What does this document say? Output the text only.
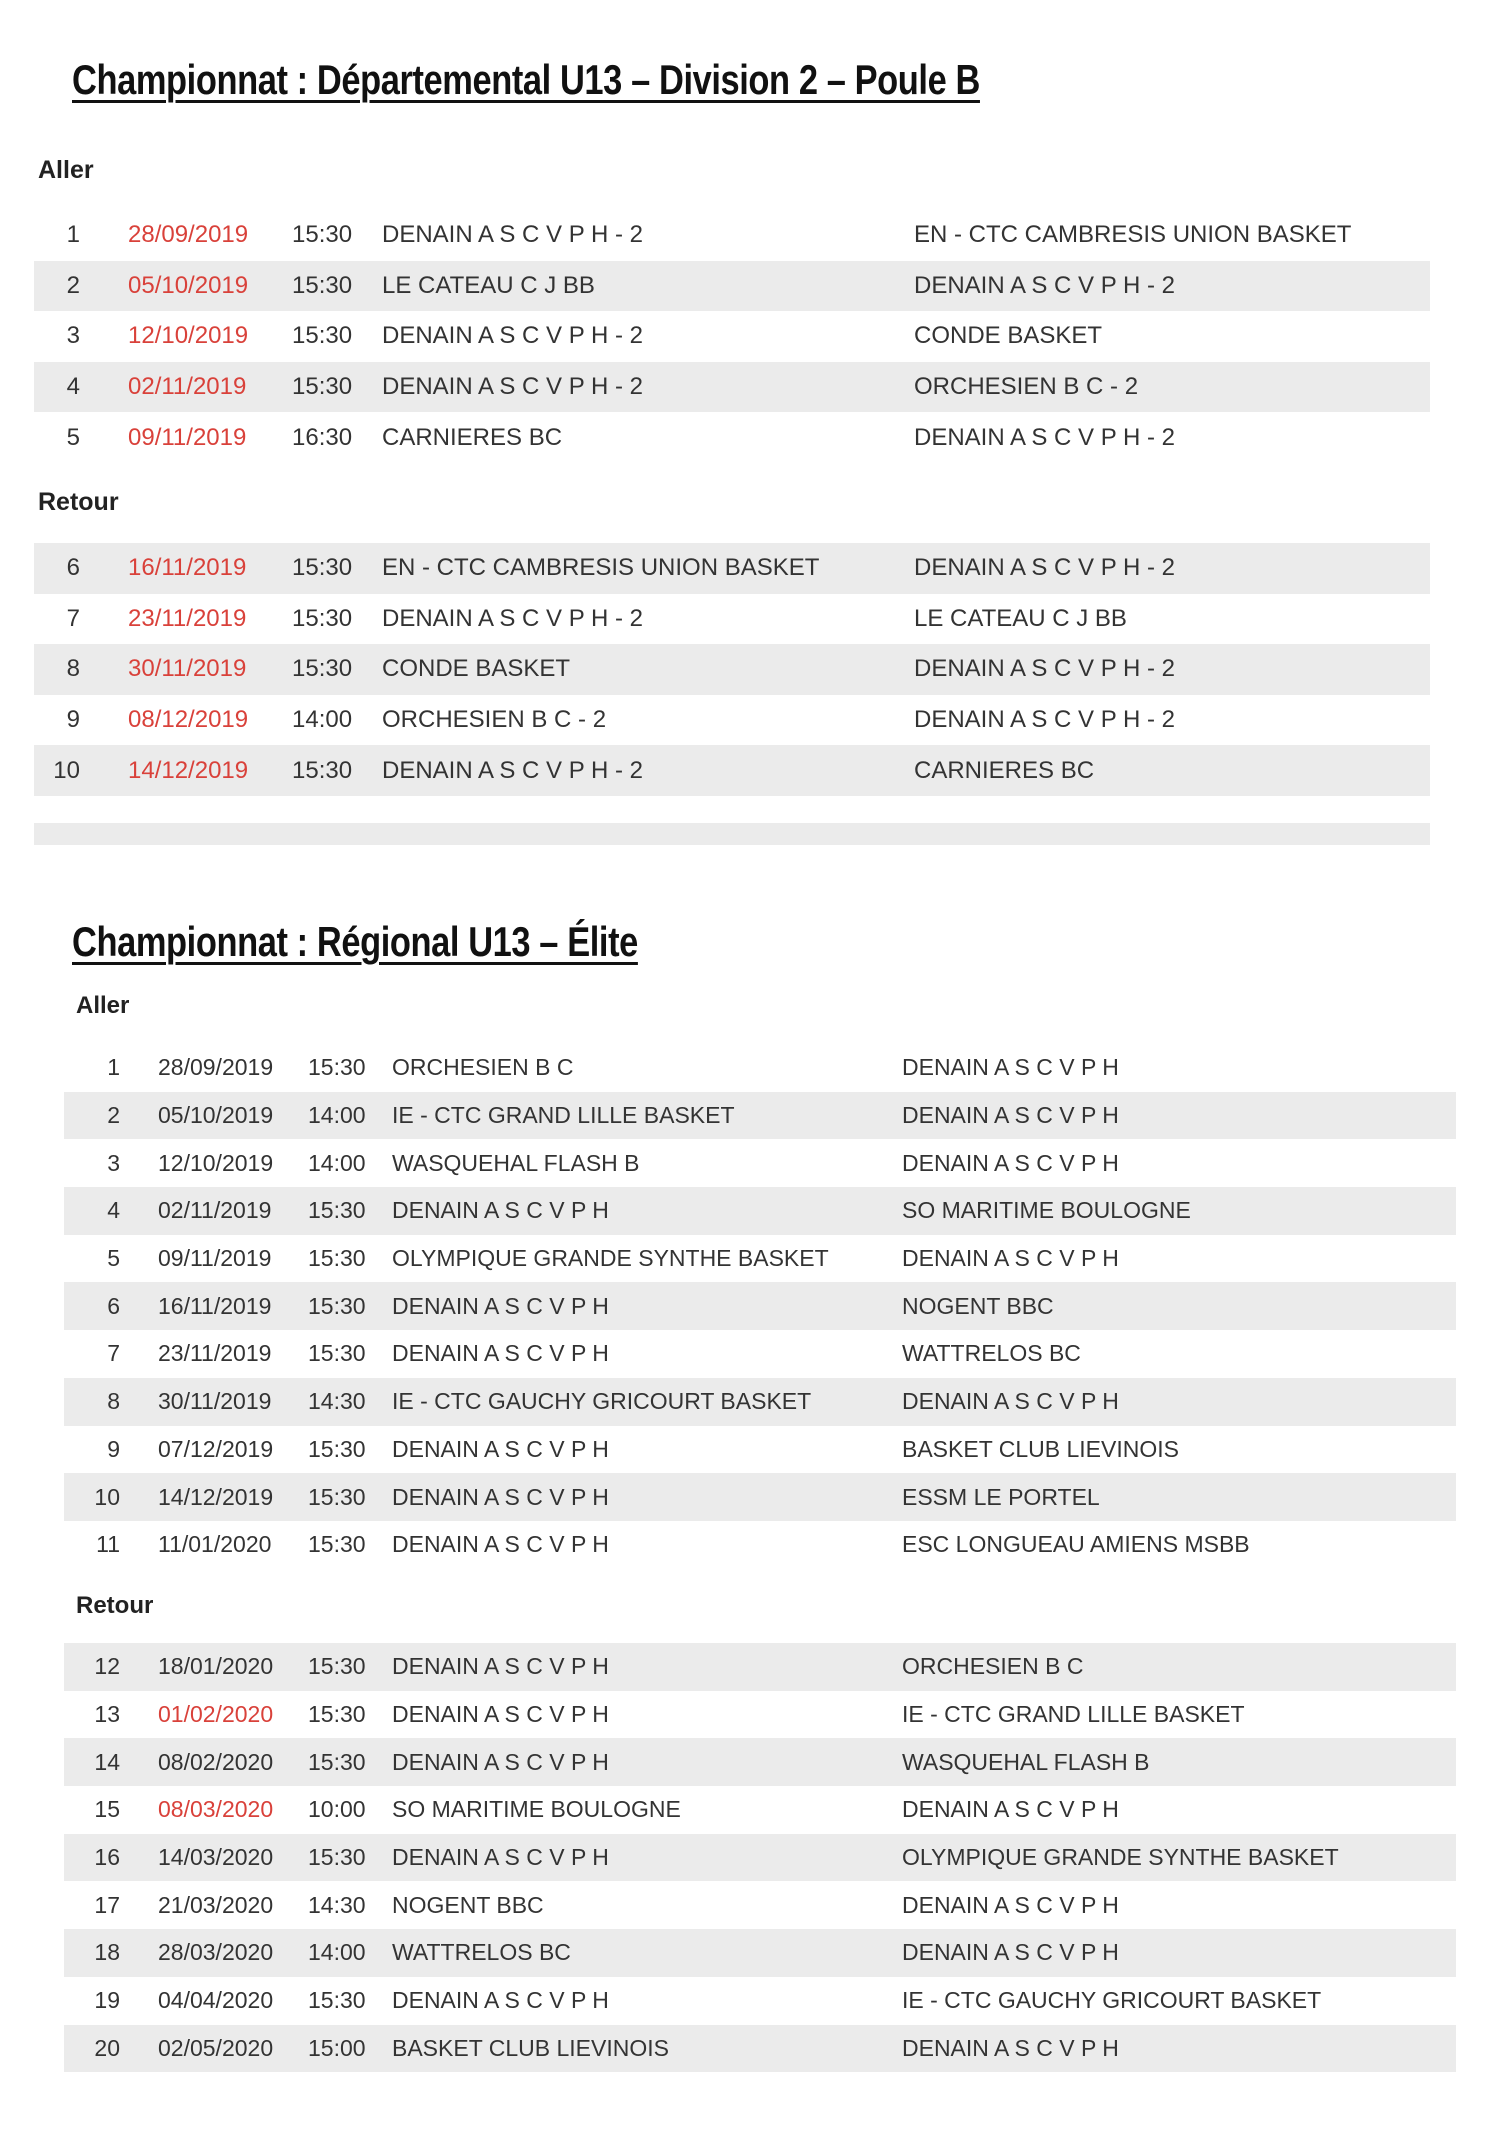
Championnat : Départemental U13 – Division 2 – Poule B
Aller
1 28/09/2019 15:30 DENAIN A S C V P H - 2	EN - CTC CAMBRESIS UNION BASKET
2 05/10/2019 15:30 LE CATEAU C J BB	DENAIN A S C V P H - 2
3 12/10/2019 15:30 DENAIN A S C V P H - 2	CONDE BASKET
4 02/11/2019 15:30 DENAIN A S C V P H - 2	ORCHESIEN B C - 2
5 09/11/2019 16:30 CARNIERES BC	DENAIN A S C V P H - 2
Retour
6 16/11/2019 15:30 EN - CTC CAMBRESIS UNION BASKET	DENAIN A S C V P H - 2
7 23/11/2019 15:30 DENAIN A S C V P H - 2	LE CATEAU C J BB
8 30/11/2019 15:30 CONDE BASKET	DENAIN A S C V P H - 2
9 08/12/2019 14:00 ORCHESIEN B C - 2	DENAIN A S C V P H - 2
10 14/12/2019 15:30 DENAIN A S C V P H - 2	CARNIERES BC
Championnat : Régional U13 – Élite
Aller
1 28/09/2019 15:30 ORCHESIEN B C	DENAIN A S C V P H
2 05/10/2019 14:00 IE - CTC GRAND LILLE BASKET	DENAIN A S C V P H
3 12/10/2019 14:00 WASQUEHAL FLASH B	DENAIN A S C V P H
4 02/11/2019 15:30 DENAIN A S C V P H	SO MARITIME BOULOGNE
5 09/11/2019 15:30 OLYMPIQUE GRANDE SYNTHE BASKET	DENAIN A S C V P H
6 16/11/2019 15:30 DENAIN A S C V P H	NOGENT BBC
7 23/11/2019 15:30 DENAIN A S C V P H	WATTRELOS BC
8 30/11/2019 14:30 IE - CTC GAUCHY GRICOURT BASKET	DENAIN A S C V P H
9 07/12/2019 15:30 DENAIN A S C V P H	BASKET CLUB LIEVINOIS
10 14/12/2019 15:30 DENAIN A S C V P H	ESSM LE PORTEL
11 11/01/2020 15:30 DENAIN A S C V P H	ESC LONGUEAU AMIENS MSBB
Retour
12 18/01/2020 15:30 DENAIN A S C V P H	ORCHESIEN B C
13 01/02/2020 15:30 DENAIN A S C V P H	IE - CTC GRAND LILLE BASKET
14 08/02/2020 15:30 DENAIN A S C V P H	WASQUEHAL FLASH B
15 08/03/2020 10:00 SO MARITIME BOULOGNE	DENAIN A S C V P H
16 14/03/2020 15:30 DENAIN A S C V P H	OLYMPIQUE GRANDE SYNTHE BASKET
17 21/03/2020 14:30 NOGENT BBC	DENAIN A S C V P H
18 28/03/2020 14:00 WATTRELOS BC	DENAIN A S C V P H
19 04/04/2020 15:30 DENAIN A S C V P H	IE - CTC GAUCHY GRICOURT BASKET
20 02/05/2020 15:00 BASKET CLUB LIEVINOIS	DENAIN A S C V P H
